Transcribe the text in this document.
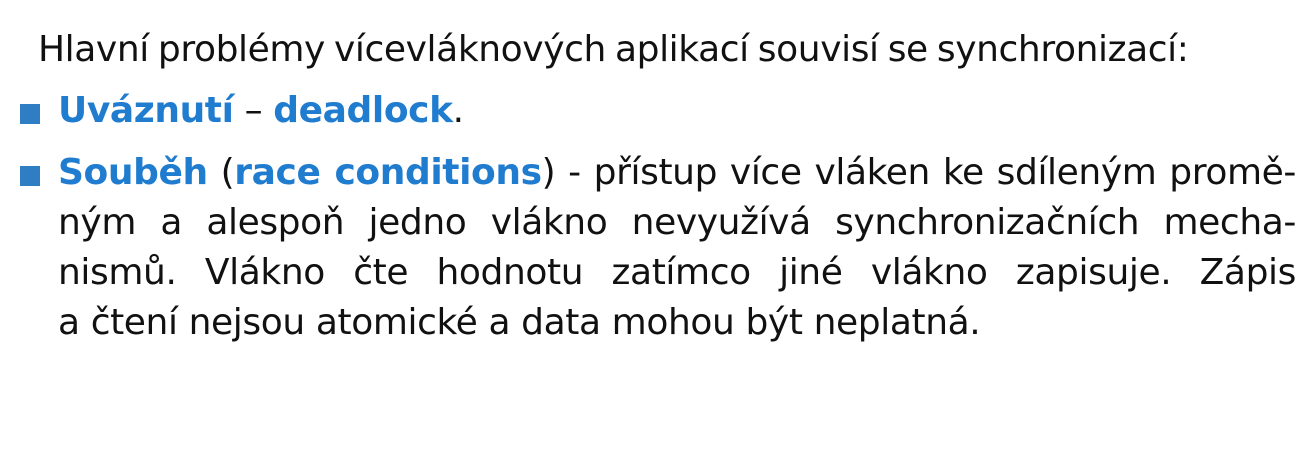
Hlavní problémy vícevláknových aplikací souvisí se synchronizací:
Uváznutí – deadlock.
Souběh (race conditions) - přístup více vláken ke sdíleným promě-
ným a alespoň jedno vlákno nevyužívá synchronizačních mecha-
nismů. Vlákno čte hodnotu zatímco jiné vlákno zapisuje. Zápis
a čtení nejsou atomické a data mohou být neplatná.
